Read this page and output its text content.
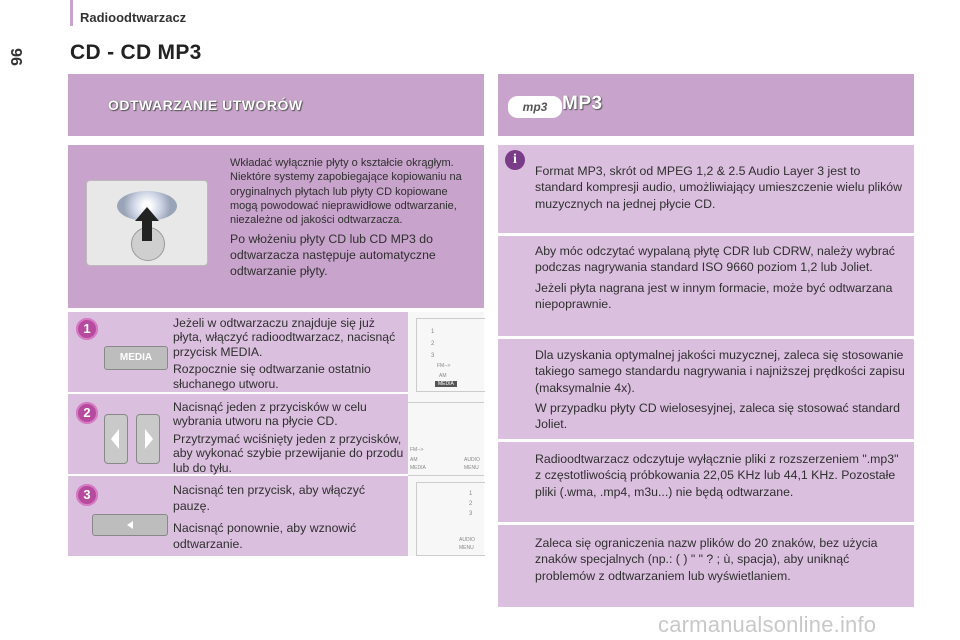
Radioodtwarzacz
96 CD - CD MP3
ODTWARZANIE UTWORÓW

Wkładać wyłącznie płyty o kształcie okrągłym. Niektóre systemy zapobiegające kopiowaniu na oryginalnych płytach lub płyty CD kopiowane mogą powodować nieprawidłowe odtwarzanie, niezależne od jakości odtwarzacza.

Po włożeniu płyty CD lub CD MP3 do odtwarzacza następuje automatyczne odtwarzanie płyty.

1
MEDIA

Jeżeli w odtwarzaczu znajduje się już płyta, włączyć radioodtwarzacz, nacisnąć przycisk MEDIA.

Rozpocznie się odtwarzanie ostatnio słuchanego utworu.

2	Nacisnąć jeden z przycisków w celu wybrania utworu na płycie CD.

Przytrzymać wciśnięty jeden z przycisków, aby wykonać szybie przewijanie do przodu lub do tyłu.

3	Nacisnąć ten przycisk, aby włączyć pauzę.

Nacisnąć ponownie, aby wznowić odtwarzanie.

1
2
3
FM-->
AM
MEDIA
FM-->
AM
MEDIA
AUDIO
MENU
1
2
3
AUDIO
MENU
mp3 MP3
i

Format MP3, skrót od MPEG 1,2 & 2.5 Audio Layer 3 jest to standard kompresji audio, umożliwiający umieszczenie wielu plików muzycznych na jednej płycie CD.

Aby móc odczytać wypalaną płytę CDR lub CDRW, należy wybrać podczas nagrywania standard ISO 9660 poziom 1,2 lub Joliet.

Jeżeli płyta nagrana jest w innym formacie, może być odtwarzana niepoprawnie.

Dla uzyskania optymalnej jakości muzycznej, zaleca się stosowanie takiego samego standardu nagrywania i najniższej prędkości zapisu (maksymalnie 4x).

W przypadku płyty CD wielosesyjnej, zaleca się stosować standard Joliet.

Radioodtwarzacz odczytuje wyłącznie pliki z rozszerzeniem ".mp3" z częstotliwością próbkowania 22,05 KHz lub 44,1 KHz. Pozostałe pliki (.wma, .mp4, m3u...) nie będą odtwarzane.

Zaleca się ograniczenia nazw plików do 20 znaków, bez użycia znaków specjalnych (np.: ( ) " " ? ; ù, spacja), aby uniknąć problemów z odtwarzaniem lub wyświetlaniem.

carmanualsonline.info
